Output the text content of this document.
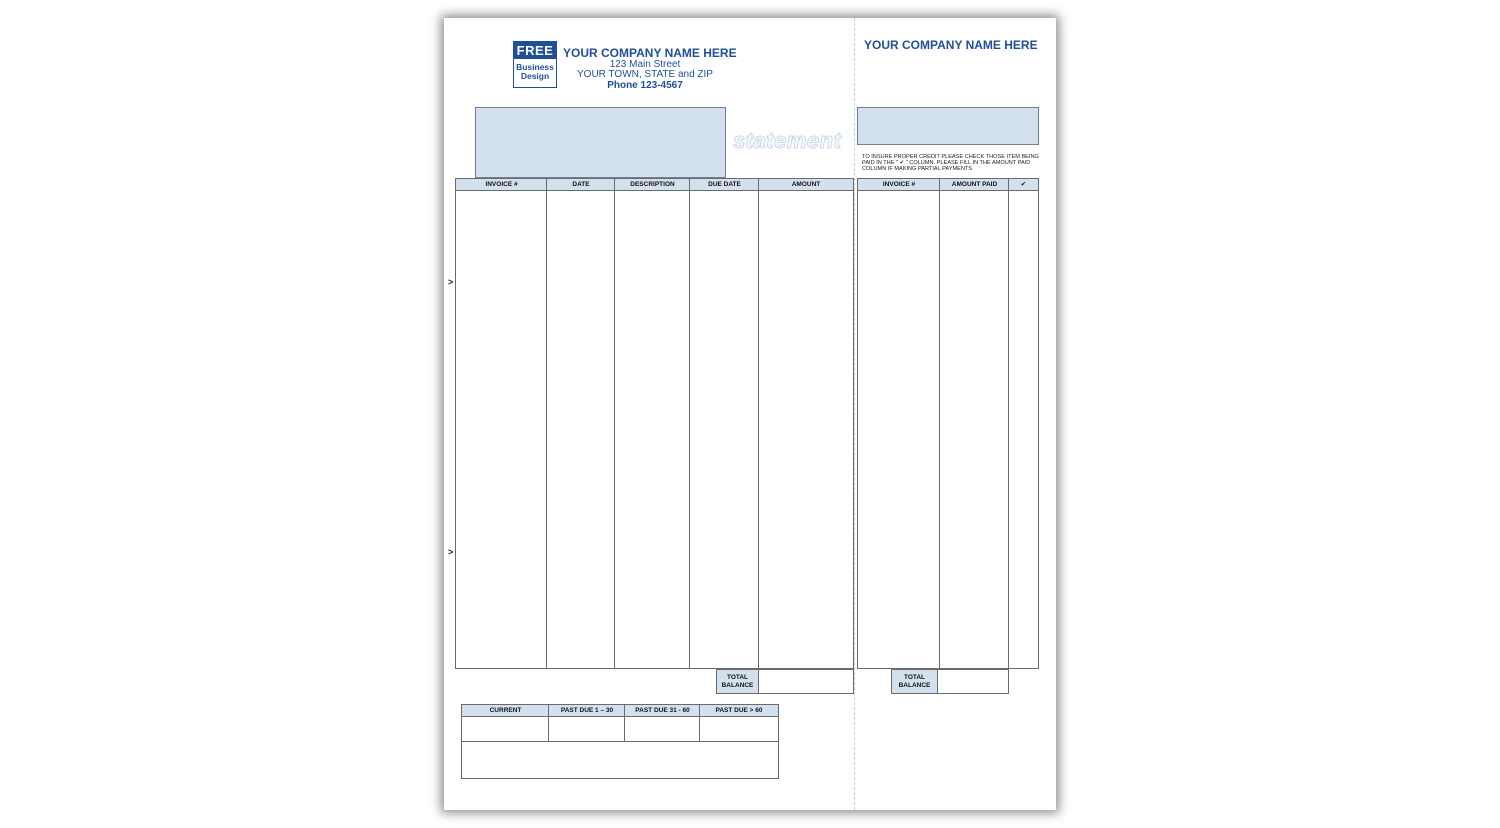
FREE
Business
Design
YOUR COMPANY NAME HERE
123 Main Street
YOUR TOWN, STATE and ZIP
Phone 123-4567
YOUR COMPANY NAME HERE
statement
TO INSURE PROPER CREDIT PLEASE CHECK THOSE ITEM BEING PAID IN THE " ✔ " COLUMN. PLEASE FILL IN THE AMOUNT PAID COLUMN IF MAKING PARTIAL PAYMENTS
INVOICE #	DATE	DESCRIPTION	DUE DATE	AMOUNT
TOTAL
BALANCE
INVOICE #	AMOUNT PAID	✔
TOTAL
BALANCE
CURRENT	PAST DUE 1 – 30	PAST DUE 31 - 60	PAST DUE > 60
>
>
